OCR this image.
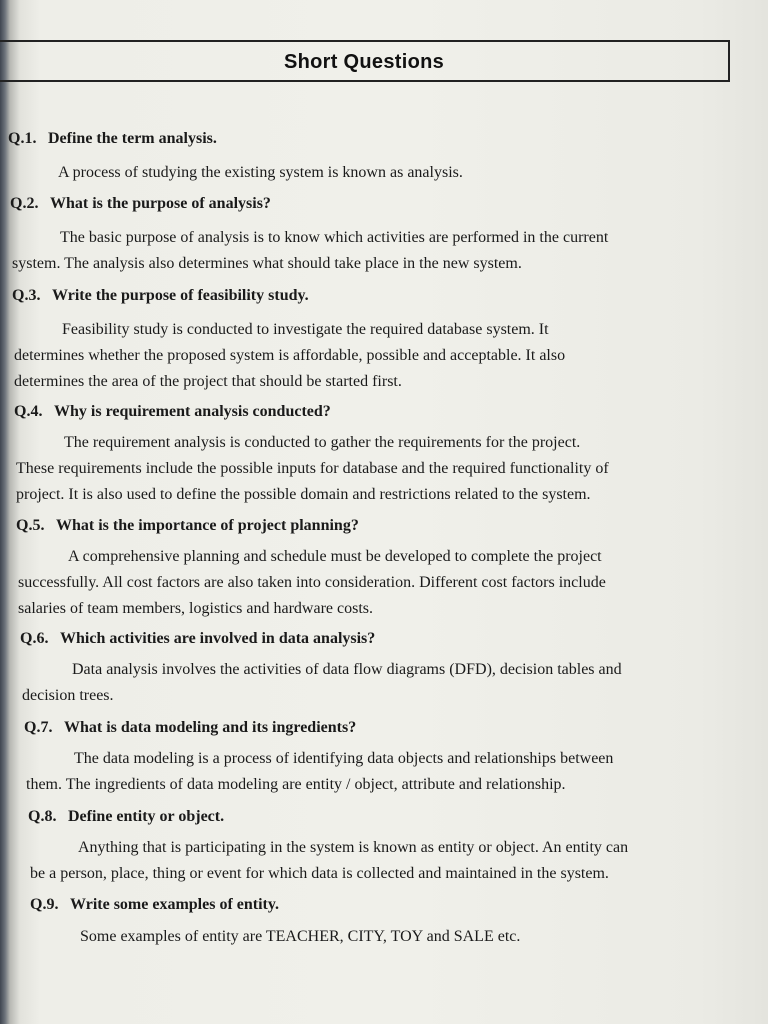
Short Questions
Q.1. Define the term analysis.
A process of studying the existing system is known as analysis.
Q.2. What is the purpose of analysis?
The basic purpose of analysis is to know which activities are performed in the current
system. The analysis also determines what should take place in the new system.
Q.3. Write the purpose of feasibility study.
Feasibility study is conducted to investigate the required database system. It
determines whether the proposed system is affordable, possible and acceptable. It also
determines the area of the project that should be started first.
Q.4. Why is requirement analysis conducted?
The requirement analysis is conducted to gather the requirements for the project.
These requirements include the possible inputs for database and the required functionality of
project. It is also used to define the possible domain and restrictions related to the system.
Q.5. What is the importance of project planning?
A comprehensive planning and schedule must be developed to complete the project
successfully. All cost factors are also taken into consideration. Different cost factors include
salaries of team members, logistics and hardware costs.
Q.6. Which activities are involved in data analysis?
Data analysis involves the activities of data flow diagrams (DFD), decision tables and
decision trees.
Q.7. What is data modeling and its ingredients?
The data modeling is a process of identifying data objects and relationships between
them. The ingredients of data modeling are entity / object, attribute and relationship.
Q.8. Define entity or object.
Anything that is participating in the system is known as entity or object. An entity can
be a person, place, thing or event for which data is collected and maintained in the system.
Q.9. Write some examples of entity.
Some examples of entity are TEACHER, CITY, TOY and SALE etc.
